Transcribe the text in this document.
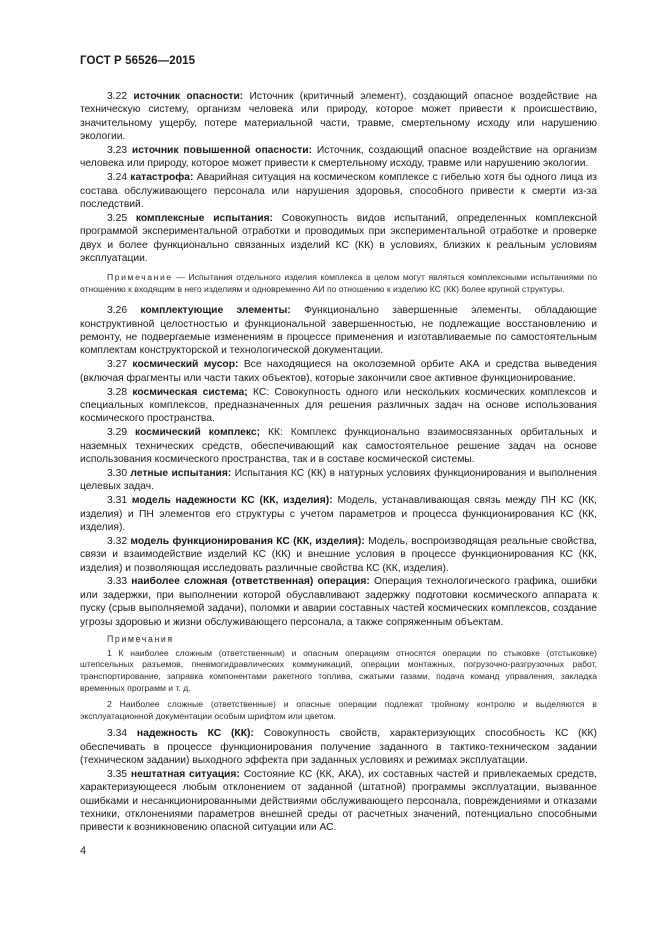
ГОСТ Р 56526—2015

3.22 источник опасности: Источник (критичный элемент), создающий опасное воздействие на техническую систему, организм человека или природу, которое может привести к происшествию, значительному ущербу, потере материальной части, травме, смертельному исходу или нарушению экологии.

3.23 источник повышенной опасности: Источник, создающий опасное воздействие на организм человека или природу, которое может привести к смертельному исходу, травме или нарушению экологии.

3.24 катастрофа: Аварийная ситуация на космическом комплексе с гибелью хотя бы одного лица из состава обслуживающего персонала или нарушения здоровья, способного привести к смерти из-за последствий.

3.25 комплексные испытания: Совокупность видов испытаний, определенных комплексной программой экспериментальной отработки и проводимых при экспериментальной отработке и проверке двух и более функционально связанных изделий КС (КК) в условиях, близких к реальным условиям эксплуатации.

Примечание — Испытания отдельного изделия комплекса в целом могут являться комплексными испытаниями по отношению к входящим в него изделиям и одновременно АИ по отношению к изделию КС (КК) более крупной структуры.

3.26 комплектующие элементы: Функционально завершенные элементы, обладающие конструктивной целостностью и функциональной завершенностью, не подлежащие восстановлению и ремонту, не подвергаемые изменениям в процессе применения и изготавливаемые по самостоятельным комплектам конструкторской и технологической документации.

3.27 космический мусор: Все находящиеся на околоземной орбите АКА и средства выведения (включая фрагменты или части таких объектов), которые закончили свое активное функционирование.

3.28 космическая система; КС: Совокупность одного или нескольких космических комплексов и специальных комплексов, предназначенных для решения различных задач на основе использования космического пространства.

3.29 космический комплекс; КК: Комплекс функционально взаимосвязанных орбитальных и наземных технических средств, обеспечивающий как самостоятельное решение задач на основе использования космического пространства, так и в составе космической системы.

3.30 летные испытания: Испытания КС (КК) в натурных условиях функционирования и выполнения целевых задач.

3.31 модель надежности КС (КК, изделия): Модель, устанавливающая связь между ПН КС (КК, изделия) и ПН элементов его структуры с учетом параметров и процесса функционирования КС (КК, изделия).

3.32 модель функционирования КС (КК, изделия): Модель, воспроизводящая реальные свойства, связи и взаимодействие изделий КС (КК) и внешние условия в процессе функционирования КС (КК, изделия) и позволяющая исследовать различные свойства КС (КК, изделия).

3.33 наиболее сложная (ответственная) операция: Операция технологического графика, ошибки или задержки, при выполнении которой обуславливают задержку подготовки космического аппарата к пуску (срыв выполняемой задачи), поломки и аварии составных частей космических комплексов, создание угрозы здоровью и жизни обслуживающего персонала, а также сопряженным объектам.

Примечания

1 К наиболее сложным (ответственным) и опасным операциям относятся операции по стыковке (отстыковке) штепсельных разъемов, пневмогидравлических коммуникаций, операции монтажных, погрузочно-разгрузочных работ, транспортирование, заправка компонентами ракетного топлива, сжатыми газами, подача команд управления, закладка временных программ и т. д.

2 Наиболее сложные (ответственные) и опасные операции подлежат тройному контролю и выделяются в эксплуатационной документации особым шрифтом или цветом.

3.34 надежность КС (КК): Совокупность свойств, характеризующих способность КС (КК) обеспечивать в процессе функционирования получение заданного в тактико-техническом задании (техническом задании) выходного эффекта при заданных условиях и режимах эксплуатации.

3.35 нештатная ситуация: Состояние КС (КК, АКА), их составных частей и привлекаемых средств, характеризующееся любым отклонением от заданной (штатной) программы эксплуатации, вызванное ошибками и несанкционированными действиями обслуживающего персонала, повреждениями и отказами техники, отклонениями параметров внешней среды от расчетных значений, потенциально способными привести к возникновению опасной ситуации или АС.

4
